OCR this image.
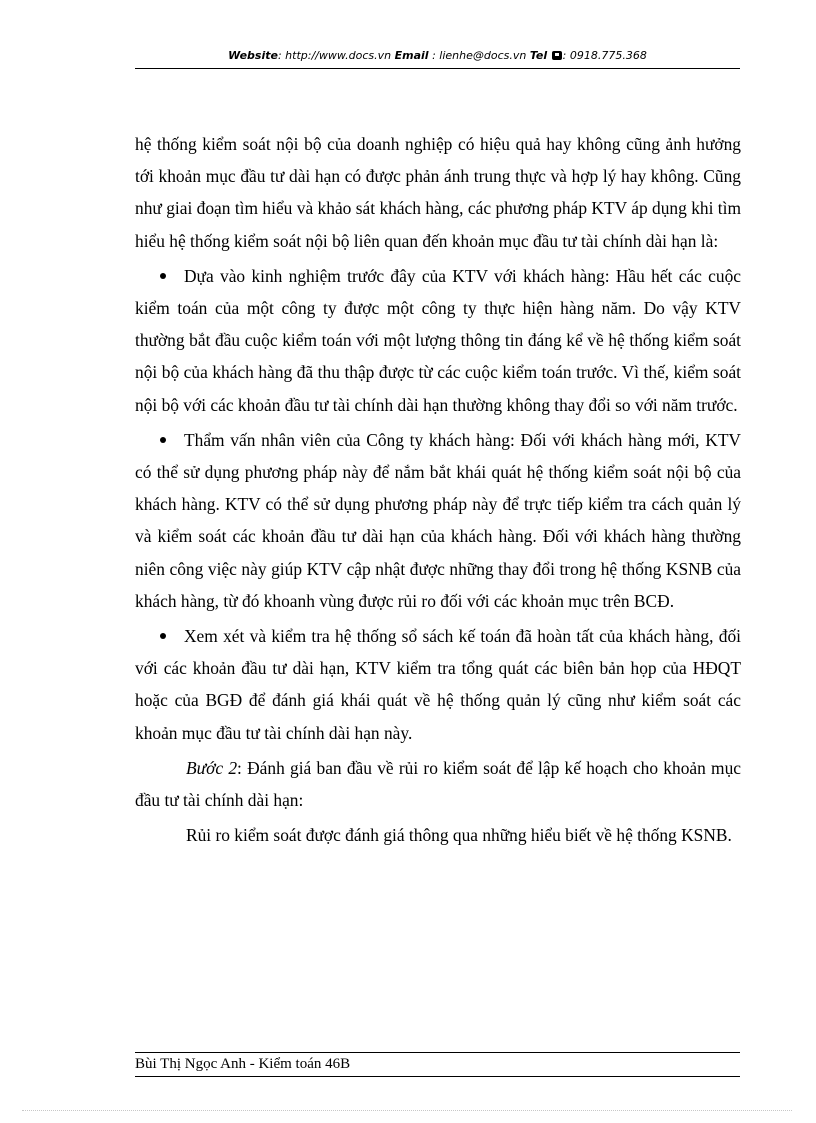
Website: http://www.docs.vn Email : lienhe@docs.vn Tel : 0918.775.368

hệ thống kiểm soát nội bộ của doanh nghiệp có hiệu quả hay không cũng ảnh hưởng tới khoản mục đầu tư dài hạn có được phản ánh trung thực và hợp lý hay không. Cũng như giai đoạn tìm hiểu và khảo sát khách hàng, các phương pháp KTV áp dụng khi tìm hiểu hệ thống kiểm soát nội bộ liên quan đến khoản mục đầu tư tài chính dài hạn là:

Dựa vào kinh nghiệm trước đây của KTV với khách hàng: Hầu hết các cuộc kiểm toán của một công ty được một công ty thực hiện hàng năm. Do vậy KTV thường bắt đầu cuộc kiểm toán với một lượng thông tin đáng kể về hệ thống kiểm soát nội bộ của khách hàng đã thu thập được từ các cuộc kiểm toán trước. Vì thế, kiểm soát nội bộ với các khoản đầu tư tài chính dài hạn thường không thay đổi so với năm trước.

Thẩm vấn nhân viên của Công ty khách hàng: Đối với khách hàng mới, KTV có thể sử dụng phương pháp này để nắm bắt khái quát hệ thống kiểm soát nội bộ của khách hàng. KTV có thể sử dụng phương pháp này để trực tiếp kiểm tra cách quản lý và kiểm soát các khoản đầu tư dài hạn của khách hàng. Đối với khách hàng thường niên công việc này giúp KTV cập nhật được những thay đổi trong hệ thống KSNB của khách hàng, từ đó khoanh vùng được rủi ro đối với các khoản mục trên BCĐ.

Xem xét và kiểm tra hệ thống sổ sách kế toán đã hoàn tất của khách hàng, đối với các khoản đầu tư dài hạn, KTV kiểm tra tổng quát các biên bản họp của HĐQT hoặc của BGĐ để đánh giá khái quát về hệ thống quản lý cũng như kiểm soát các khoản mục đầu tư tài chính dài hạn này.

Bước 2: Đánh giá ban đầu về rủi ro kiểm soát để lập kế hoạch cho khoản mục đầu tư tài chính dài hạn:

Rủi ro kiểm soát được đánh giá thông qua những hiểu biết về hệ thống KSNB.

Bùi Thị Ngọc Anh - Kiểm toán 46B
